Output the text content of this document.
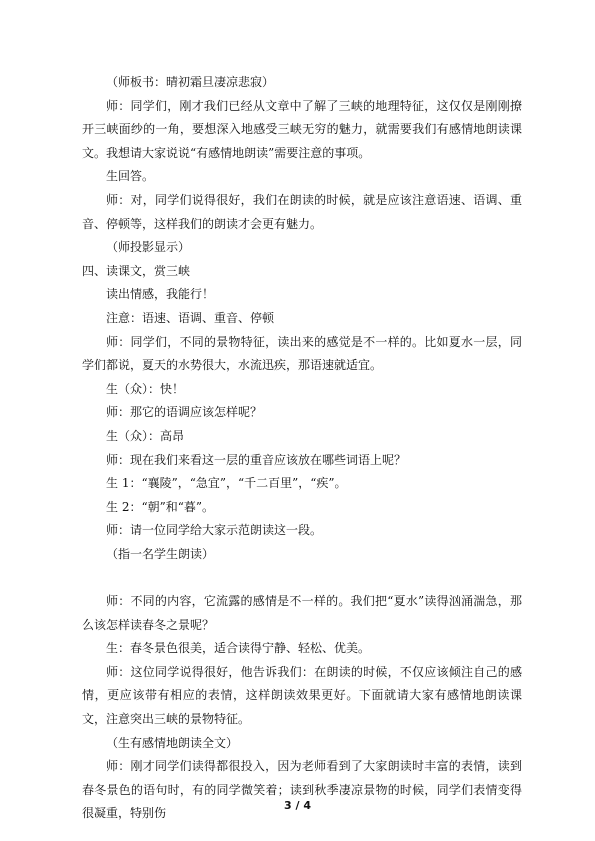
（师板书：晴初霜旦凄凉悲寂）

师：同学们，刚才我们已经从文章中了解了三峡的地理特征，这仅仅是刚刚撩开三峡面纱的一角，要想深入地感受三峡无穷的魅力，就需要我们有感情地朗读课文。我想请大家说说“有感情地朗读”需要注意的事项。

生回答。

师：对，同学们说得很好，我们在朗读的时候，就是应该注意语速、语调、重音、停顿等，这样我们的朗读才会更有魅力。

（师投影显示）

四、读课文，赏三峡

读出情感，我能行！

注意：语速、语调、重音、停顿

师：同学们，不同的景物特征，读出来的感觉是不一样的。比如夏水一层，同学们都说，夏天的水势很大，水流迅疾，那语速就适宜。

生（众）：快！

师：那它的语调应该怎样呢？

生（众）：高昂

师：现在我们来看这一层的重音应该放在哪些词语上呢？

生 1：“襄陵”，“急宜”，“千二百里”，“疾”。

生 2：“朝”和“暮”。

师：请一位同学给大家示范朗读这一段。

（指一名学生朗读）

师：不同的内容，它流露的感情是不一样的。我们把“夏水”读得汹涌湍急，那么该怎样读春冬之景呢？

生：春冬景色很美，适合读得宁静、轻松、优美。

师：这位同学说得很好，他告诉我们：在朗读的时候，不仅应该倾注自己的感情，更应该带有相应的表情，这样朗读效果更好。下面就请大家有感情地朗读课文，注意突出三峡的景物特征。

（生有感情地朗读全文）

师：刚才同学们读得都很投入，因为老师看到了大家朗读时丰富的表情，读到春冬景色的语句时，有的同学微笑着；读到秋季凄凉景物的时候，同学们表情变得很凝重，特别伤

3 / 4
